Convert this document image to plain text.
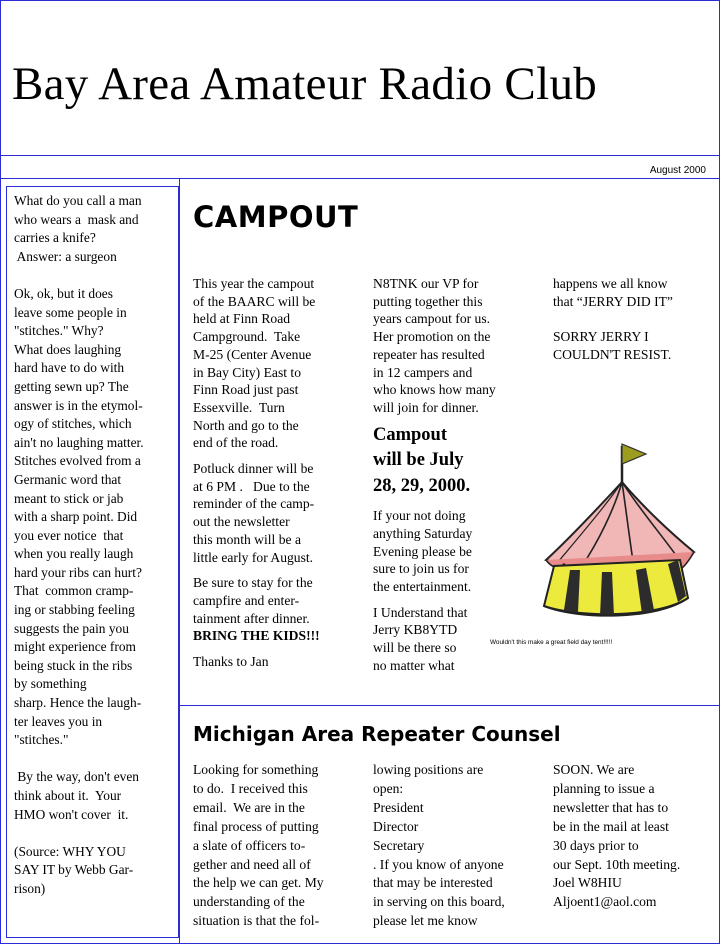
Bay Area Amateur Radio Club
August 2000

What do you call a man

who wears a  mask and

carries a knife?

Answer: a surgeon

Ok, ok, but it does

leave some people in

"stitches." Why?

What does laughing

hard have to do with

getting sewn up? The

answer is in the etymol-

ogy of stitches, which

ain't no laughing matter.

Stitches evolved from a

Germanic word that

meant to stick or jab

with a sharp point. Did

you ever notice  that

when you really laugh

hard your ribs can hurt?

That  common cramp-

ing or stabbing feeling

suggests the pain you

might experience from

being stuck in the ribs

by something

sharp. Hence the laugh-

ter leaves you in

"stitches."

By the way, don't even

think about it.  Your

HMO won't cover  it.

(Source: WHY YOU

SAY IT by Webb Gar-

rison)

CAMPOUT

This year the campout

of the BAARC will be

held at Finn Road

Campground.  Take

M-25 (Center Avenue

in Bay City) East to

Finn Road just past

Essexville.  Turn

North and go to the

end of the road.

Potluck dinner will be

at 6 PM .   Due to the

reminder of the camp-

out the newsletter

this month will be a

little early for August.

Be sure to stay for the

campfire and enter-

tainment after dinner.

BRING THE KIDS!!!

Thanks to Jan

N8TNK our VP for

putting together this

years campout for us.

Her promotion on the

repeater has resulted

in 12 campers and

who knows how many

will join for dinner.

Campout

will be July

28, 29, 2000.

If your not doing

anything Saturday

Evening please be

sure to join us for

the entertainment.

I Understand that

Jerry KB8YTD

will be there so

no matter what

happens we all know

that “JERRY DID IT”

SORRY JERRY I

COULDN'T RESIST.

Wouldn't this make a great field day tent!!!!!
Michigan Area Repeater Counsel

Looking for something

to do.  I received this

email.  We are in the

final process of putting

a slate of officers to-

gether and need all of

the help we can get. My

understanding of the

situation is that the fol-

lowing positions are

open:

President

Director

Secretary

. If you know of anyone

that may be interested

in serving on this board,

please let me know

SOON. We are

planning to issue a

newsletter that has to

be in the mail at least

30 days prior to

our Sept. 10th meeting.

Joel W8HIU

Aljoent1@aol.com
